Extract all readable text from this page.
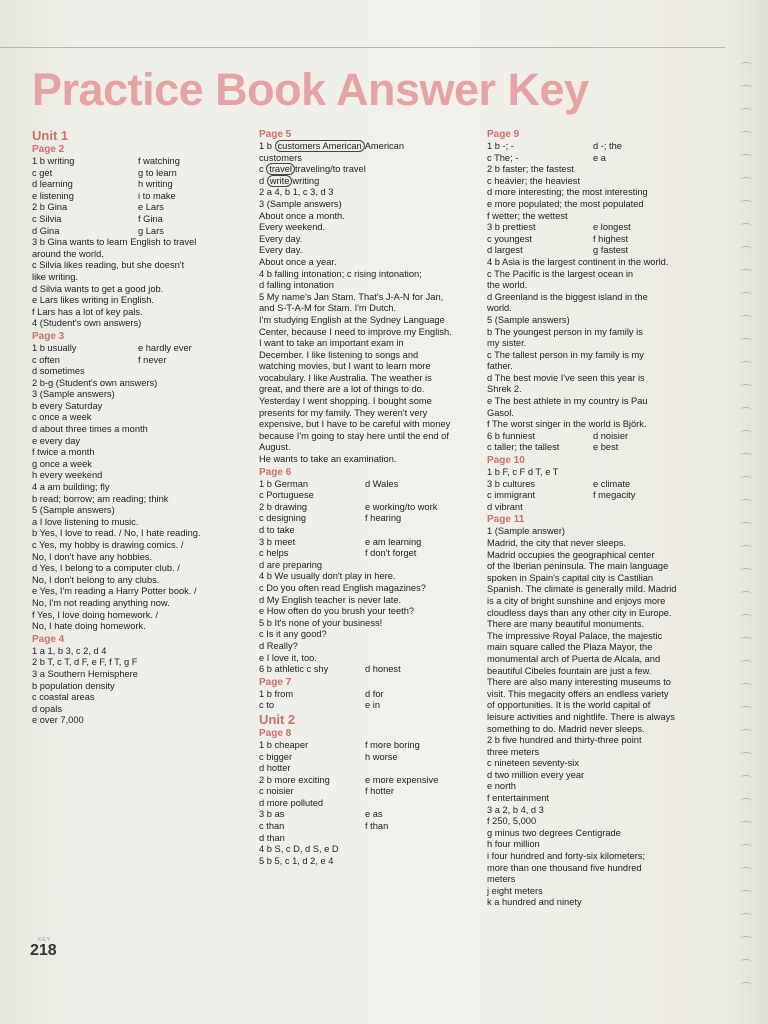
Practice Book Answer Key
Unit 1
Page 2
1 b writing	f watching
c get	g to learn
d learning	h writing
e listening	i to make
2 b Gina	e Lars
c Silvia	f Gina
d Gina	g Lars
3 b Gina wants to learn English to travel
around the world.
c Silvia likes reading, but she doesn't
like writing.
d Silvia wants to get a good job.
e Lars likes writing in English.
f Lars has a lot of key pals.
4 (Student's own answers)
Page 3
1 b usually	e hardly ever
c often	f never
d sometimes
2 b-g (Student's own answers)
3 (Sample answers)
b every Saturday
c once a week
d about three times a month
e every day
f twice a month
g once a week
h every weekend
4 a am building; fly
b read; borrow; am reading; think
5 (Sample answers)
a I love listening to music.
b Yes, I love to read. / No, I hate reading.
c Yes, my hobby is drawing comics. /
No, I don't have any hobbies.
d Yes, I belong to a computer club. /
No, I don't belong to any clubs.
e Yes, I'm reading a Harry Potter book. /
No, I'm not reading anything now.
f Yes, I love doing homework. /
No, I hate doing homework.
Page 4
1 a 1, b 3, c 2, d 4
2 b T, c T, d F, e F, f T, g F
3 a Southern Hemisphere
b population density
c coastal areas
d opals
e over 7,000
Page 5
1 b customers American American
customers
c travel traveling/to travel
d write writing
2 a 4, b 1, c 3, d 3
3 (Sample answers)
About once a month.
Every weekend.
Every day.
Every day.
About once a year.
4 b falling intonation; c rising intonation;
d falling intonation
5 My name's Jan Stam. That's J-A-N for Jan,
and S-T-A-M for Stam. I'm Dutch.
I'm studying English at the Sydney Language
Center, because I need to improve my English.
I want to take an important exam in
December. I like listening to songs and
watching movies, but I want to learn more
vocabulary. I like Australia. The weather is
great, and there are a lot of things to do.
Yesterday I went shopping. I bought some
presents for my family. They weren't very
expensive, but I have to be careful with money
because I'm going to stay here until the end of
August.
He wants to take an examination.
Page 6
1 b German	d Wales
c Portuguese
2 b drawing	e working/to work
c designing	f hearing
d to take
3 b meet	e am learning
c helps	f don't forget
d are preparing
4 b We usually don't play in here.
c Do you often read English magazines?
d My English teacher is never late.
e How often do you brush your teeth?
5 b It's none of your business!
c Is it any good?
d Really?
e I love it, too.
6 b athletic c shy	d honest
Page 7
1 b from	d for
c to	e in
Unit 2
Page 8
1 b cheaper	f more boring
c bigger	h worse
d hotter
2 b more exciting	e more expensive
c noisier	f hotter
d more polluted
3 b as	e as
c than	f than
d than
4 b S, c D, d S, e D
5 b 5, c 1, d 2, e 4
Page 9
1 b -; -	d -; the
c The; -	e a
2 b faster; the fastest
c heavier; the heaviest
d more interesting; the most interesting
e more populated; the most populated
f wetter; the wettest
3 b prettiest	e longest
c youngest	f highest
d largest	g fastest
4 b Asia is the largest continent in the world.
c The Pacific is the largest ocean in
the world.
d Greenland is the biggest island in the
world.
5 (Sample answers)
b The youngest person in my family is
my sister.
c The tallest person in my family is my
father.
d The best movie I've seen this year is
Shrek 2.
e The best athlete in my country is Pau
Gasol.
f The worst singer in the world is Björk.
6 b funniest	d noisier
c taller; the tallest	e best
Page 10
1 b F, c F d T, e T
3 b cultures	e climate
c immigrant	f megacity
d vibrant
Page 11
1 (Sample answer)
Madrid, the city that never sleeps.
Madrid occupies the geographical center
of the Iberian peninsula. The main language
spoken in Spain's capital city is Castilian
Spanish. The climate is generally mild. Madrid
is a city of bright sunshine and enjoys more
cloudless days than any other city in Europe.
There are many beautiful monuments.
The impressive Royal Palace, the majestic
main square called the Plaza Mayor, the
monumental arch of Puerta de Alcala, and
beautiful Cibeles fountain are just a few.
There are also many interesting museums to
visit. This megacity offers an endless variety
of opportunities. It is the world capital of
leisure activities and nightlife. There is always
something to do. Madrid never sleeps.
2 b five hundred and thirty-three point
three meters
c nineteen seventy-six
d two million every year
e north
f entertainment
3 a 2, b 4, d 3
f 250, 5,000
g minus two degrees Centigrade
h four million
i four hundred and forty-six kilometers;
more than one thousand five hundred
meters
j eight meters
k a hundred and ninety
KEY
218
